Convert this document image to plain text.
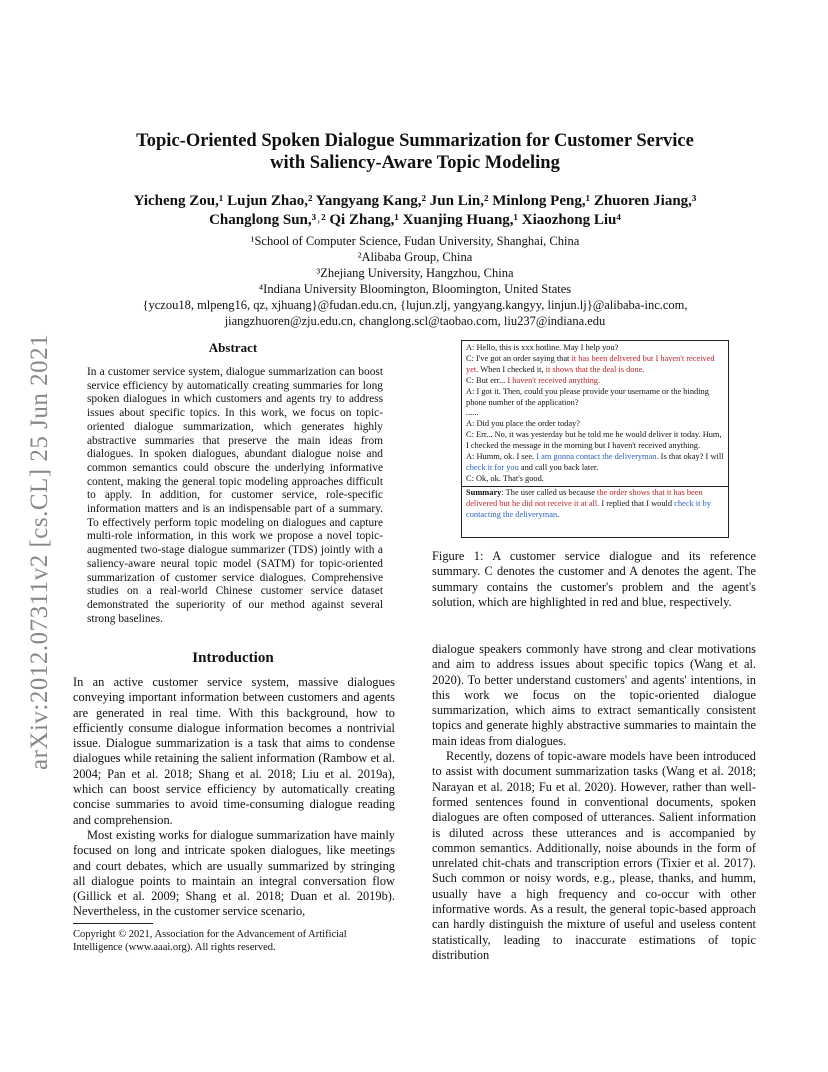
arXiv:2012.07311v2 [cs.CL] 25 Jun 2021
Topic-Oriented Spoken Dialogue Summarization for Customer Service
with Saliency-Aware Topic Modeling
Yicheng Zou,¹ Lujun Zhao,² Yangyang Kang,² Jun Lin,² Minlong Peng,¹ Zhuoren Jiang,³
Changlong Sun,³˒² Qi Zhang,¹ Xuanjing Huang,¹ Xiaozhong Liu⁴
¹School of Computer Science, Fudan University, Shanghai, China
²Alibaba Group, China
³Zhejiang University, Hangzhou, China
⁴Indiana University Bloomington, Bloomington, United States
{yczou18, mlpeng16, qz, xjhuang}@fudan.edu.cn, {lujun.zlj, yangyang.kangyy, linjun.lj}@alibaba-inc.com,
jiangzhuoren@zju.edu.cn, changlong.scl@taobao.com, liu237@indiana.edu
Abstract
In a customer service system, dialogue summarization can boost service efficiency by automatically creating summaries for long spoken dialogues in which customers and agents try to address issues about specific topics. In this work, we focus on topic-oriented dialogue summarization, which generates highly abstractive summaries that preserve the main ideas from dialogues. In spoken dialogues, abundant dialogue noise and common semantics could obscure the underlying informative content, making the general topic modeling approaches difficult to apply. In addition, for customer service, role-specific information matters and is an indispensable part of a summary. To effectively perform topic modeling on dialogues and capture multi-role information, in this work we propose a novel topic-augmented two-stage dialogue summarizer (TDS) jointly with a saliency-aware neural topic model (SATM) for topic-oriented summarization of customer service dialogues. Comprehensive studies on a real-world Chinese customer service dataset demonstrated the superiority of our method against several strong baselines.
Introduction

In an active customer service system, massive dialogues conveying important information between customers and agents are generated in real time. With this background, how to efficiently consume dialogue information becomes a nontrivial issue. Dialogue summarization is a task that aims to condense dialogues while retaining the salient information (Rambow et al. 2004; Pan et al. 2018; Shang et al. 2018; Liu et al. 2019a), which can boost service efficiency by automatically creating concise summaries to avoid time-consuming dialogue reading and comprehension.

Most existing works for dialogue summarization have mainly focused on long and intricate spoken dialogues, like meetings and court debates, which are usually summarized by stringing all dialogue points to maintain an integral conversation flow (Gillick et al. 2009; Shang et al. 2018; Duan et al. 2019b). Nevertheless, in the customer service scenario,

Copyright © 2021, Association for the Advancement of Artificial Intelligence (www.aaai.org). All rights reserved.
A: Hello, this is xxx hotline. May I help you?
C: I've got an order saying that it has been delivered but I haven't received yet. When I checked it, it shows that the deal is done.
C: But err... I haven't received anything.
A: I got it. Then, could you please provide your username or the binding phone number of the application?
......
A: Did you place the order today?
C: Err... No, it was yesterday but he told me he would deliver it today. Hum, I checked the message in the morning but I haven't received anything.
A: Humm, ok. I see. I am gonna contact the deliveryman. Is that okay? I will check it for you and call you back later.
C: Ok, ok. That's good.
Summary: The user called us because the order shows that it has been delivered but he did not receive it at all. I replied that I would check it by contacting the deliveryman.
Figure 1: A customer service dialogue and its reference summary. C denotes the customer and A denotes the agent. The summary contains the customer's problem and the agent's solution, which are highlighted in red and blue, respectively.

dialogue speakers commonly have strong and clear motivations and aim to address issues about specific topics (Wang et al. 2020). To better understand customers' and agents' intentions, in this work we focus on the topic-oriented dialogue summarization, which aims to extract semantically consistent topics and generate highly abstractive summaries to maintain the main ideas from dialogues.

Recently, dozens of topic-aware models have been introduced to assist with document summarization tasks (Wang et al. 2018; Narayan et al. 2018; Fu et al. 2020). However, rather than well-formed sentences found in conventional documents, spoken dialogues are often composed of utterances. Salient information is diluted across these utterances and is accompanied by common semantics. Additionally, noise abounds in the form of unrelated chit-chats and transcription errors (Tixier et al. 2017). Such common or noisy words, e.g., please, thanks, and humm, usually have a high frequency and co-occur with other informative words. As a result, the general topic-based approach can hardly distinguish the mixture of useful and useless content statistically, leading to inaccurate estimations of topic distribution
